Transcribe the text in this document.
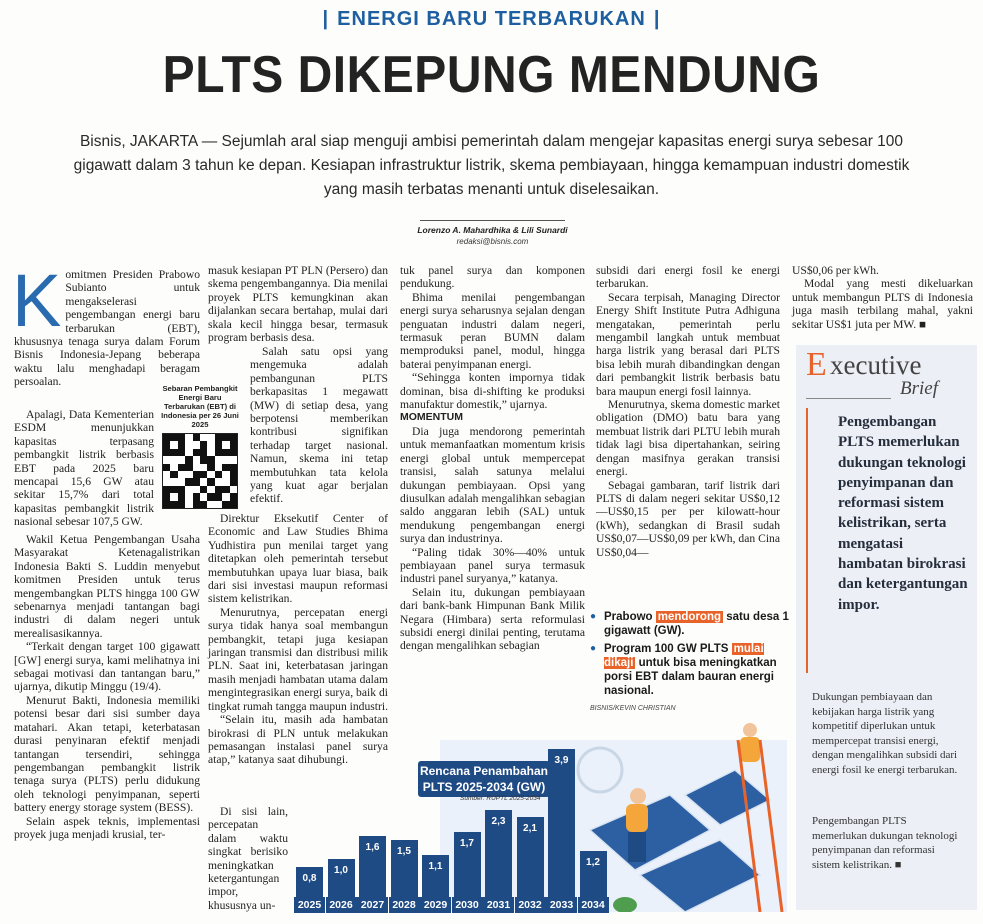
| ENERGI BARU TERBARUKAN |
PLTS DIKEPUNG MENDUNG
Bisnis, JAKARTA — Sejumlah aral siap menguji ambisi pemerintah dalam mengejar kapasitas energi surya sebesar 100 gigawatt dalam 3 tahun ke depan. Kesiapan infrastruktur listrik, skema pembiayaan, hingga kemampuan industri domestik yang masih terbatas menanti untuk diselesaikan.
Lorenzo A. Mahardhika & Lili Sunardi
redaksi@bisnis.com

Komitmen Presiden Prabowo Subianto untuk mengakselerasi pengembangan energi baru terbarukan (EBT), khususnya tenaga surya dalam Forum Bisnis Indonesia-Jepang beberapa waktu lalu menghadapi beragam persoalan.

Apalagi, Data Kementerian ESDM menunjukkan kapasitas terpasang pembangkit listrik berbasis EBT pada 2025 baru mencapai 15,6 GW atau sekitar 15,7% dari total kapasitas pembangkit listrik nasional sebesar 107,5 GW.

Wakil Ketua Pengembangan Usaha Masyarakat Ketenagalistrikan Indonesia Bakti S. Luddin menyebut komitmen Presiden untuk terus mengembangkan PLTS hingga 100 GW sebenarnya menjadi tantangan bagi industri di dalam negeri untuk merealisasikannya.

“Terkait dengan target 100 gigawatt [GW] energi surya, kami melihatnya ini sebagai motivasi dan tantangan baru,” ujarnya, dikutip Minggu (19/4).

Menurut Bakti, Indonesia memiliki potensi besar dari sisi sumber daya matahari. Akan tetapi, keterbatasan durasi penyinaran efektif menjadi tantangan tersendiri, sehingga pengembangan pembangkit listrik tenaga surya (PLTS) perlu didukung oleh teknologi penyimpanan, seperti battery energy storage system (BESS).

Selain aspek teknis, implementasi proyek juga menjadi krusial, ter-

Sebaran Pembangkit Energi Baru Terbarukan (EBT) di Indonesia per 26 Juni 2025

masuk kesiapan PT PLN (Persero) dan skema pengembangannya. Dia menilai proyek PLTS kemungkinan akan dijalankan secara bertahap, mulai dari skala kecil hingga besar, termasuk program berbasis desa.

Salah satu opsi yang mengemuka adalah pembangunan PLTS berkapasitas 1 megawatt (MW) di setiap desa, yang berpotensi memberikan kontribusi signifikan terhadap target nasional. Namun, skema ini tetap membutuhkan tata kelola yang kuat agar berjalan efektif.

Direktur Eksekutif Center of Economic and Law Studies Bhima Yudhistira pun menilai target yang ditetapkan oleh pemerintah tersebut membutuhkan upaya luar biasa, baik dari sisi investasi maupun reformasi sistem kelistrikan.

Menurutnya, percepatan energi surya tidak hanya soal membangun pembangkit, tetapi juga kesiapan jaringan transmisi dan distribusi milik PLN. Saat ini, keterbatasan jaringan masih menjadi hambatan utama dalam mengintegrasikan energi surya, baik di tingkat rumah tangga maupun industri.

“Selain itu, masih ada hambatan birokrasi di PLN untuk melakukan pemasangan instalasi panel surya atap,” katanya saat dihubungi.

Di sisi lain, percepatan dalam waktu singkat berisiko meningkatkan ketergantungan impor, khususnya un-

tuk panel surya dan komponen pendukung.

Bhima menilai pengembangan energi surya seharusnya sejalan dengan penguatan industri dalam negeri, termasuk peran BUMN dalam memproduksi panel, modul, hingga baterai penyimpanan energi.

“Sehingga konten impornya tidak dominan, bisa di-shifting ke produksi manufaktur domestik,” ujarnya.

MOMENTUM

Dia juga mendorong pemerintah untuk memanfaatkan momentum krisis energi global untuk mempercepat transisi, salah satunya melalui dukungan pembiayaan. Opsi yang diusulkan adalah mengalihkan sebagian saldo anggaran lebih (SAL) untuk mendukung pengembangan energi surya dan industrinya.

“Paling tidak 30%—40% untuk pembiayaan panel surya termasuk industri panel suryanya,” katanya.

Selain itu, dukungan pembiayaan dari bank-bank Himpunan Bank Milik Negara (Himbara) serta reformulasi subsidi energi dinilai penting, terutama dengan mengalihkan sebagian

subsidi dari energi fosil ke energi terbarukan.

Secara terpisah, Managing Director Energy Shift Institute Putra Adhiguna mengatakan, pemerintah perlu mengambil langkah untuk membuat harga listrik yang berasal dari PLTS bisa lebih murah dibandingkan dengan dari pembangkit listrik berbasis batu bara maupun energi fosil lainnya.

Menurutnya, skema domestic market obligation (DMO) batu bara yang membuat listrik dari PLTU lebih murah tidak lagi bisa dipertahankan, seiring dengan masifnya gerakan transisi energi.

Sebagai gambaran, tarif listrik dari PLTS di dalam negeri sekitar US$0,12—US$0,15 per per kilowatt-hour (kWh), sedangkan di Brasil sudah US$0,07—US$0,09 per kWh, dan Cina US$0,04—

US$0,06 per kWh.

Modal yang mesti dikeluarkan untuk membangun PLTS di Indonesia juga masih terbilang mahal, yakni sekitar US$1 juta per MW. ■

E xecutive
Brief
Pengembangan PLTS memerlukan dukungan teknologi penyimpanan dan reformasi sistem kelistrikan, serta mengatasi hambatan birokrasi dan ketergantungan impor.
Dukungan pembiayaan dan kebijakan harga listrik yang kompetitif diperlukan untuk mempercepat transisi energi, dengan mengalihkan subsidi dari energi fosil ke energi terbarukan.
Pengembangan PLTS memerlukan dukungan teknologi penyimpanan dan reformasi sistem kelistrikan. ■
● Prabowo mendorong satu desa 1 gigawatt (GW).
● Program 100 GW PLTS mulai dikaji untuk bisa meningkatkan porsi EBT dalam bauran energi nasional.
BISNIS/KEVIN CHRISTIAN
Rencana Penambahan PLTS 2025-2034 (GW)
Sumber: RUPTL 2025-2034
0,8
2025
1,0
2026
1,6
2027
1,5
2028
1,1
2029
1,7
2030
2,3
2031
2,1
2032
3,9
2033
1,2
2034
